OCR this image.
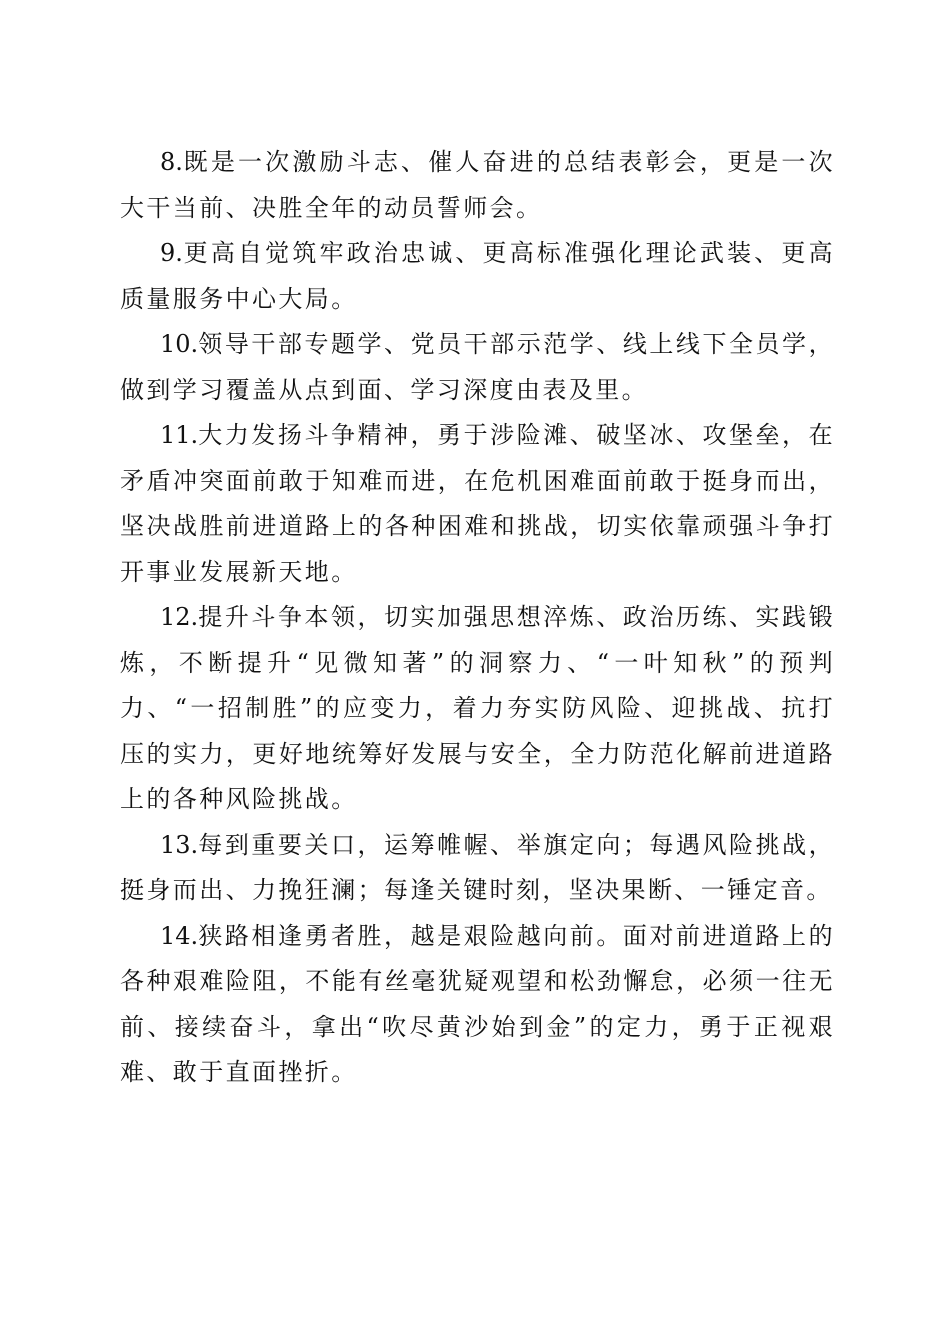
8.既是一次激励斗志、催人奋进的总结表彰会，更是一次大干当前、决胜全年的动员誓师会。

9.更高自觉筑牢政治忠诚、更高标准强化理论武装、更高质量服务中心大局。

10.领导干部专题学、党员干部示范学、线上线下全员学，做到学习覆盖从点到面、学习深度由表及里。

11.大力发扬斗争精神，勇于涉险滩、破坚冰、攻堡垒，在矛盾冲突面前敢于知难而进，在危机困难面前敢于挺身而出，坚决战胜前进道路上的各种困难和挑战，切实依靠顽强斗争打开事业发展新天地。

12.提升斗争本领，切实加强思想淬炼、政治历练、实践锻炼，不断提升“见微知著”的洞察力、“一叶知秋”的预判力、“一招制胜”的应变力，着力夯实防风险、迎挑战、抗打压的实力，更好地统筹好发展与安全，全力防范化解前进道路上的各种风险挑战。

13.每到重要关口，运筹帷幄、举旗定向；每遇风险挑战，挺身而出、力挽狂澜；每逢关键时刻，坚决果断、一锤定音。

14.狭路相逢勇者胜，越是艰险越向前。面对前进道路上的各种艰难险阻，不能有丝毫犹疑观望和松劲懈怠，必须一往无前、接续奋斗，拿出“吹尽黄沙始到金”的定力，勇于正视艰难、敢于直面挫折。
